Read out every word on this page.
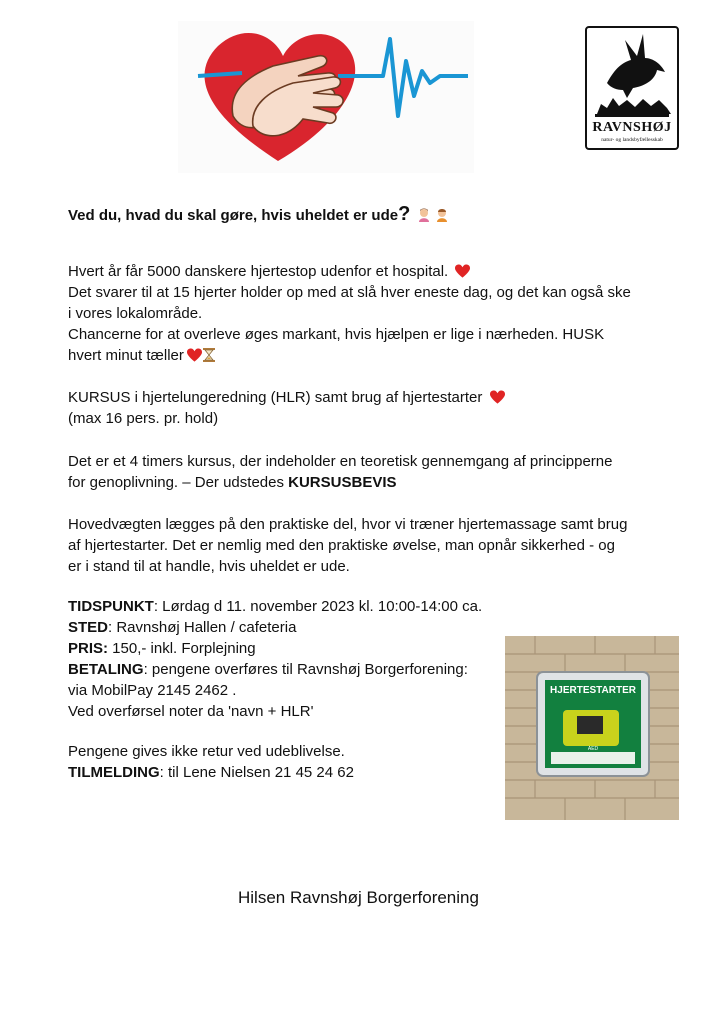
RAVNSHØJ
natur- og landsbyfællesskab
Ved du, hvad du skal gøre, hvis uheldet er ude?
Hvert år får 5000 danskere hjertestop udenfor et hospital.
Det svarer til at 15 hjerter holder op med at slå hver eneste dag, og det kan også ske
i vores lokalområde.
Chancerne for at overleve øges markant, hvis hjælpen er lige i nærheden. HUSK
hvert minut tæller
KURSUS i hjertelungeredning (HLR) samt brug af hjertestarter
(max 16 pers. pr. hold)
Det er et 4 timers kursus, der indeholder en teoretisk gennemgang af principperne
for genoplivning. – Der udstedes KURSUSBEVIS
Hovedvægten lægges på den praktiske del, hvor vi træner hjertemassage samt brug
af hjertestarter. Det er nemlig med den praktiske øvelse, man opnår sikkerhed - og
er i stand til at handle, hvis uheldet er ude.
TIDSPUNKT: Lørdag d 11. november 2023 kl. 10:00-14:00 ca.
STED: Ravnshøj Hallen / cafeteria
PRIS: 150,- inkl. Forplejning
BETALING: pengene overføres til Ravnshøj Borgerforening:
via MobilPay 2145 2462 .
Ved overførsel noter da 'navn + HLR'
Pengene gives ikke retur ved udeblivelse.
TILMELDING: til Lene Nielsen 21 45 24 62
HJERTESTARTER
AED
Hilsen Ravnshøj Borgerforening
